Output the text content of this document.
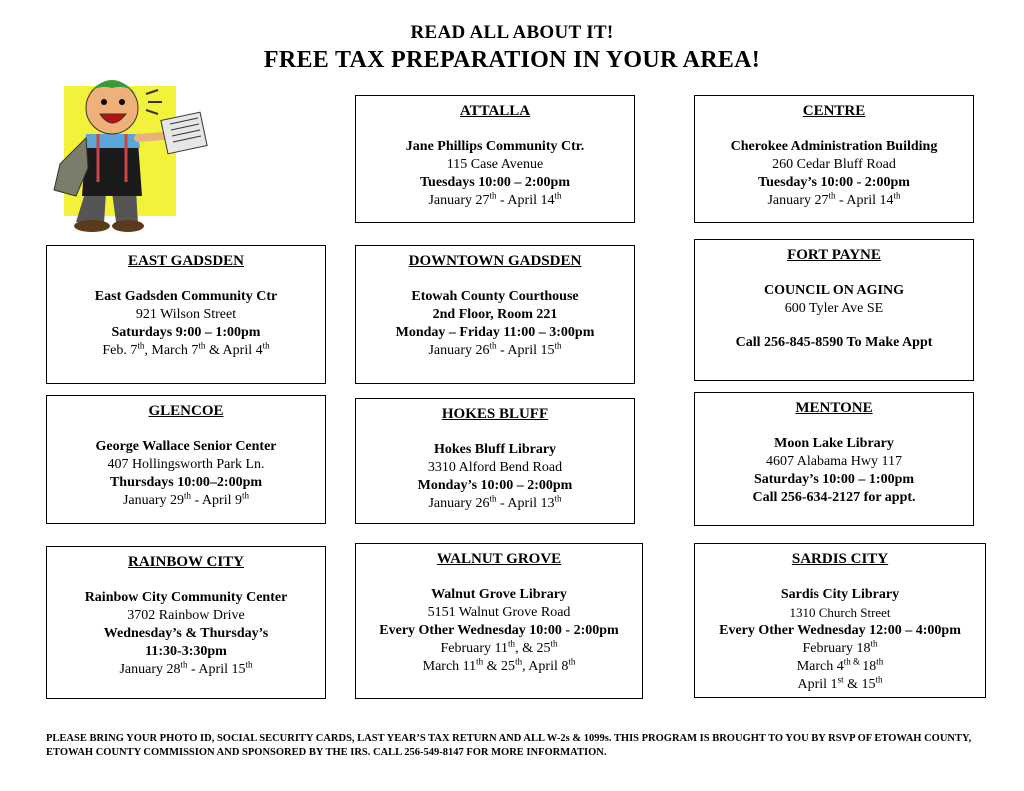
READ ALL ABOUT IT!
FREE TAX PREPARATION IN YOUR AREA!
ATTALLA
Jane Phillips Community Ctr.
115 Case Avenue
Tuesdays 10:00 – 2:00pm
January 27th - April 14th
CENTRE
Cherokee Administration Building
260 Cedar Bluff Road
Tuesday’s 10:00 - 2:00pm
January 27th - April 14th
EAST GADSDEN
East Gadsden Community Ctr
921 Wilson Street
Saturdays 9:00 – 1:00pm
Feb. 7th, March 7th & April 4th
DOWNTOWN GADSDEN
Etowah County Courthouse
2nd Floor, Room 221
Monday – Friday 11:00 – 3:00pm
January 26th - April 15th
FORT PAYNE
COUNCIL ON AGING
600 Tyler Ave SE
Call 256-845-8590 To Make Appt
GLENCOE
George Wallace Senior Center
407 Hollingsworth Park Ln.
Thursdays 10:00–2:00pm
January 29th - April 9th
HOKES BLUFF
Hokes Bluff Library
3310 Alford Bend Road
Monday’s 10:00 – 2:00pm
January 26th - April 13th
MENTONE
Moon Lake Library
4607 Alabama Hwy 117
Saturday’s 10:00 – 1:00pm
Call 256-634-2127 for appt.
RAINBOW CITY
Rainbow City Community Center
3702 Rainbow Drive
Wednesday’s & Thursday’s
11:30-3:30pm
January 28th - April 15th
WALNUT GROVE
Walnut Grove Library
5151 Walnut Grove Road
Every Other Wednesday 10:00 - 2:00pm
February 11th, & 25th
March 11th & 25th, April 8th
SARDIS CITY
Sardis City Library
1310 Church Street
Every Other Wednesday 12:00 – 4:00pm
February 18th
March $4^{th \&}$ 18th
April 1st & 15th
PLEASE BRING YOUR PHOTO ID, SOCIAL SECURITY CARDS, LAST YEAR’S TAX RETURN AND ALL W-2s & 1099s. THIS PROGRAM IS BROUGHT TO YOU BY RSVP OF ETOWAH COUNTY, ETOWAH COUNTY COMMISSION AND SPONSORED BY THE IRS. CALL 256-549-8147 FOR MORE INFORMATION.
